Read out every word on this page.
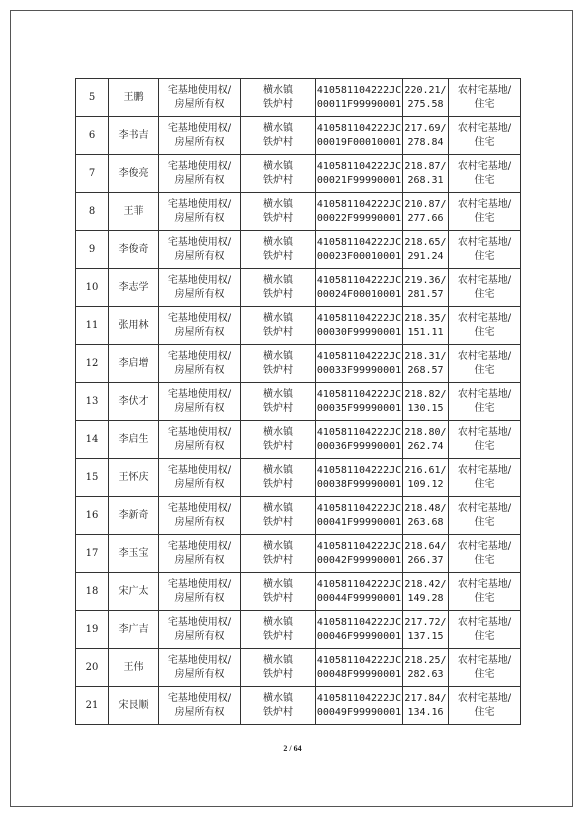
5	王鹏	宅基地使用权/
房屋所有权	横水镇
铁炉村	410581104222JC
00011F99990001	220.21/
275.58	农村宅基地/
住宅

6	李书吉	宅基地使用权/
房屋所有权	横水镇
铁炉村	410581104222JC
00019F00010001	217.69/
278.84	农村宅基地/
住宅

7	李俊亮	宅基地使用权/
房屋所有权	横水镇
铁炉村	410581104222JC
00021F99990001	218.87/
268.31	农村宅基地/
住宅

8	王菲	宅基地使用权/
房屋所有权	横水镇
铁炉村	410581104222JC
00022F99990001	210.87/
277.66	农村宅基地/
住宅

9	李俊奇	宅基地使用权/
房屋所有权	横水镇
铁炉村	410581104222JC
00023F00010001	218.65/
291.24	农村宅基地/
住宅

10	李志学	宅基地使用权/
房屋所有权	横水镇
铁炉村	410581104222JC
00024F00010001	219.36/
281.57	农村宅基地/
住宅

11	张用林	宅基地使用权/
房屋所有权	横水镇
铁炉村	410581104222JC
00030F99990001	218.35/
151.11	农村宅基地/
住宅

12	李启增	宅基地使用权/
房屋所有权	横水镇
铁炉村	410581104222JC
00033F99990001	218.31/
268.57	农村宅基地/
住宅

13	李伏才	宅基地使用权/
房屋所有权	横水镇
铁炉村	410581104222JC
00035F99990001	218.82/
130.15	农村宅基地/
住宅

14	李启生	宅基地使用权/
房屋所有权	横水镇
铁炉村	410581104222JC
00036F99990001	218.80/
262.74	农村宅基地/
住宅

15	王怀庆	宅基地使用权/
房屋所有权	横水镇
铁炉村	410581104222JC
00038F99990001	216.61/
109.12	农村宅基地/
住宅

16	李新奇	宅基地使用权/
房屋所有权	横水镇
铁炉村	410581104222JC
00041F99990001	218.48/
263.68	农村宅基地/
住宅

17	李玉宝	宅基地使用权/
房屋所有权	横水镇
铁炉村	410581104222JC
00042F99990001	218.64/
266.37	农村宅基地/
住宅

18	宋广太	宅基地使用权/
房屋所有权	横水镇
铁炉村	410581104222JC
00044F99990001	218.42/
149.28	农村宅基地/
住宅

19	李广吉	宅基地使用权/
房屋所有权	横水镇
铁炉村	410581104222JC
00046F99990001	217.72/
137.15	农村宅基地/
住宅

20	王伟	宅基地使用权/
房屋所有权	横水镇
铁炉村	410581104222JC
00048F99990001	218.25/
282.63	农村宅基地/
住宅

21	宋艮顺	宅基地使用权/
房屋所有权	横水镇
铁炉村	410581104222JC
00049F99990001	217.84/
134.16	农村宅基地/
住宅
2 / 64
